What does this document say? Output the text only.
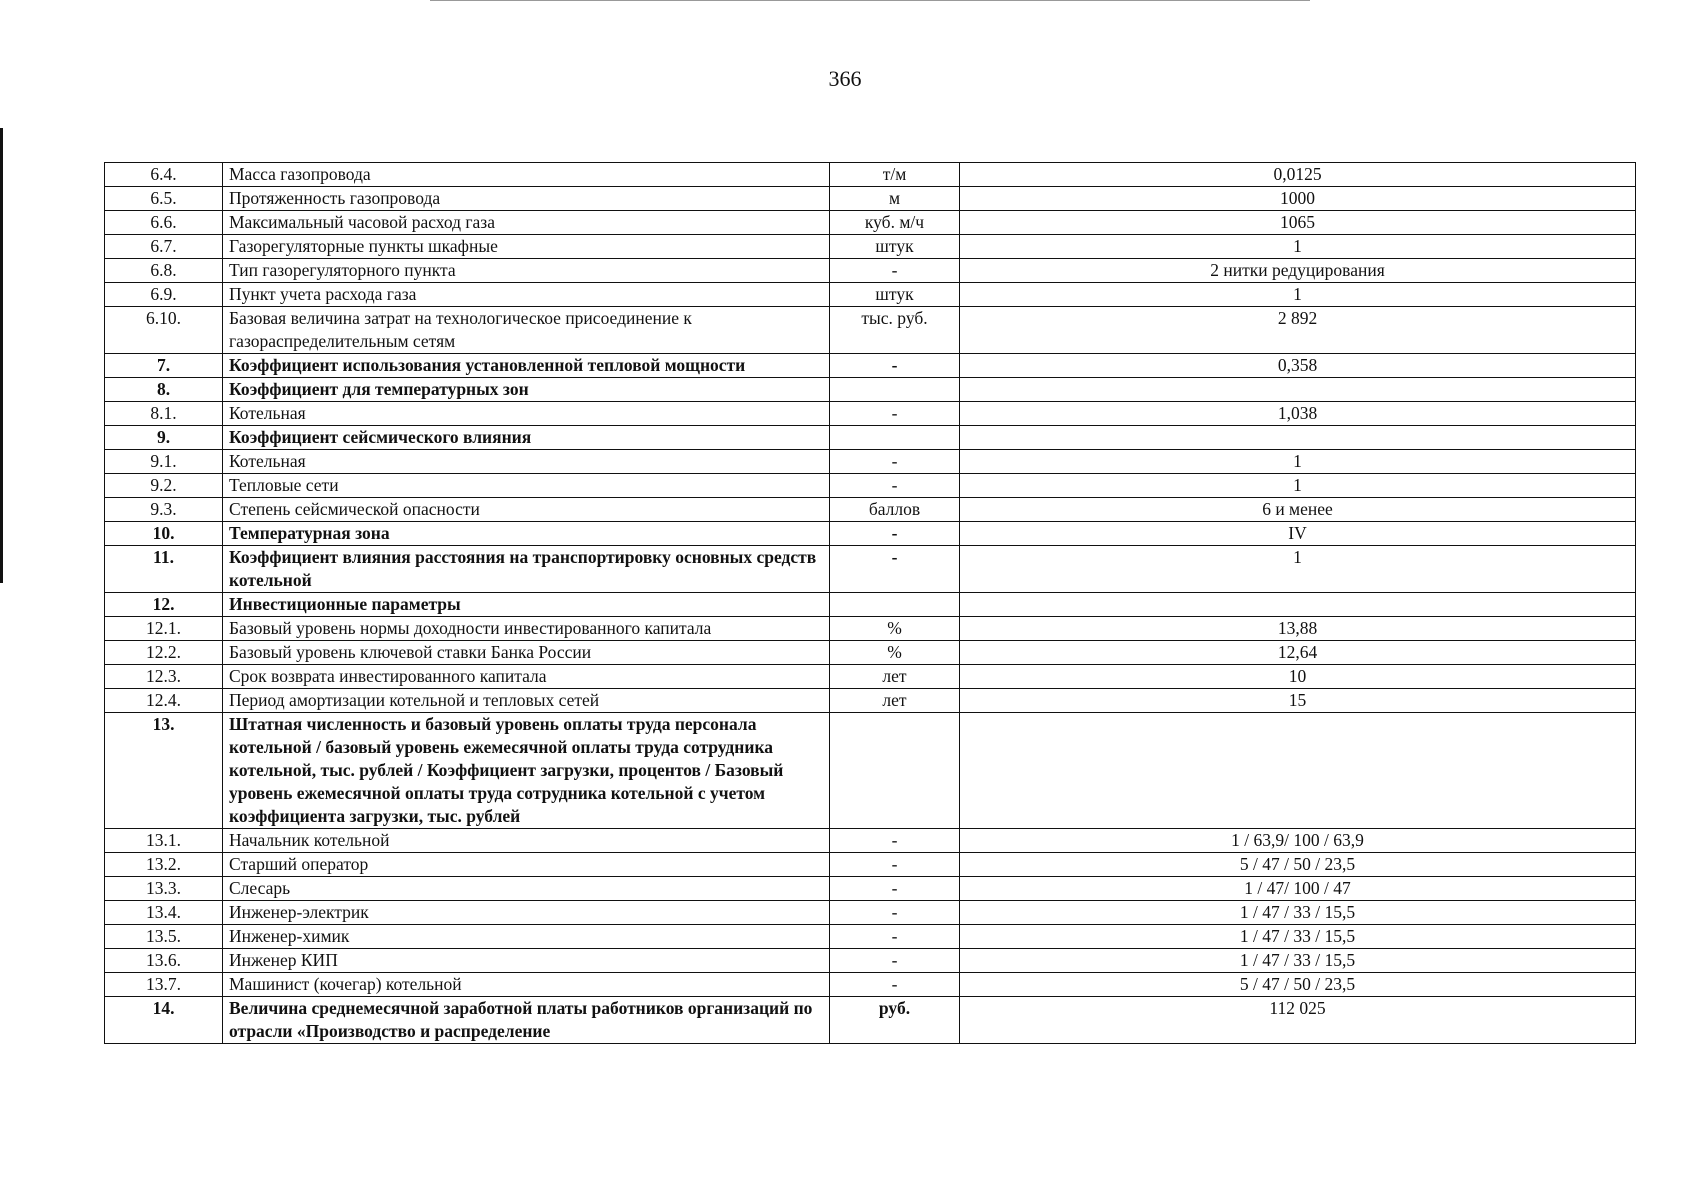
366
6.4.	Масса газопровода	т/м	0,0125
6.5.	Протяженность газопровода	м	1000
6.6.	Максимальный часовой расход газа	куб. м/ч	1065
6.7.	Газорегуляторные пункты шкафные	штук	1
6.8.	Тип газорегуляторного пункта	-	2 нитки редуцирования
6.9.	Пункт учета расхода газа	штук	1
6.10.	Базовая величина затрат на технологическое присоединение к газораспределительным сетям	тыс. руб.	2 892
7.	Коэффициент использования установленной тепловой мощности	-	0,358
8.	Коэффициент для температурных зон		
8.1.	Котельная	-	1,038
9.	Коэффициент сейсмического влияния		
9.1.	Котельная	-	1
9.2.	Тепловые сети	-	1
9.3.	Степень сейсмической опасности	баллов	6 и менее
10.	Температурная зона	-	IV
11.	Коэффициент влияния расстояния на транспортировку основных средств котельной	-	1
12.	Инвестиционные параметры		
12.1.	Базовый уровень нормы доходности инвестированного капитала	%	13,88
12.2.	Базовый уровень ключевой ставки Банка России	%	12,64
12.3.	Срок возврата инвестированного капитала	лет	10
12.4.	Период амортизации котельной и тепловых сетей	лет	15
13.	Штатная численность и базовый уровень оплаты труда персонала котельной / базовый уровень ежемесячной оплаты труда сотрудника котельной, тыс. рублей / Коэффициент загрузки, процентов / Базовый уровень ежемесячной оплаты труда сотрудника котельной с учетом коэффициента загрузки, тыс. рублей		
13.1.	Начальник котельной	-	1 / 63,9/ 100 / 63,9
13.2.	Старший оператор	-	5 / 47 / 50 / 23,5
13.3.	Слесарь	-	1 / 47/ 100 / 47
13.4.	Инженер-электрик	-	1 / 47 / 33 / 15,5
13.5.	Инженер-химик	-	1 / 47 / 33 / 15,5
13.6.	Инженер КИП	-	1 / 47 / 33 / 15,5
13.7.	Машинист (кочегар) котельной	-	5 / 47 / 50 / 23,5
14.	Величина среднемесячной заработной платы работников организаций по отрасли «Производство и распределение	руб.	112 025
